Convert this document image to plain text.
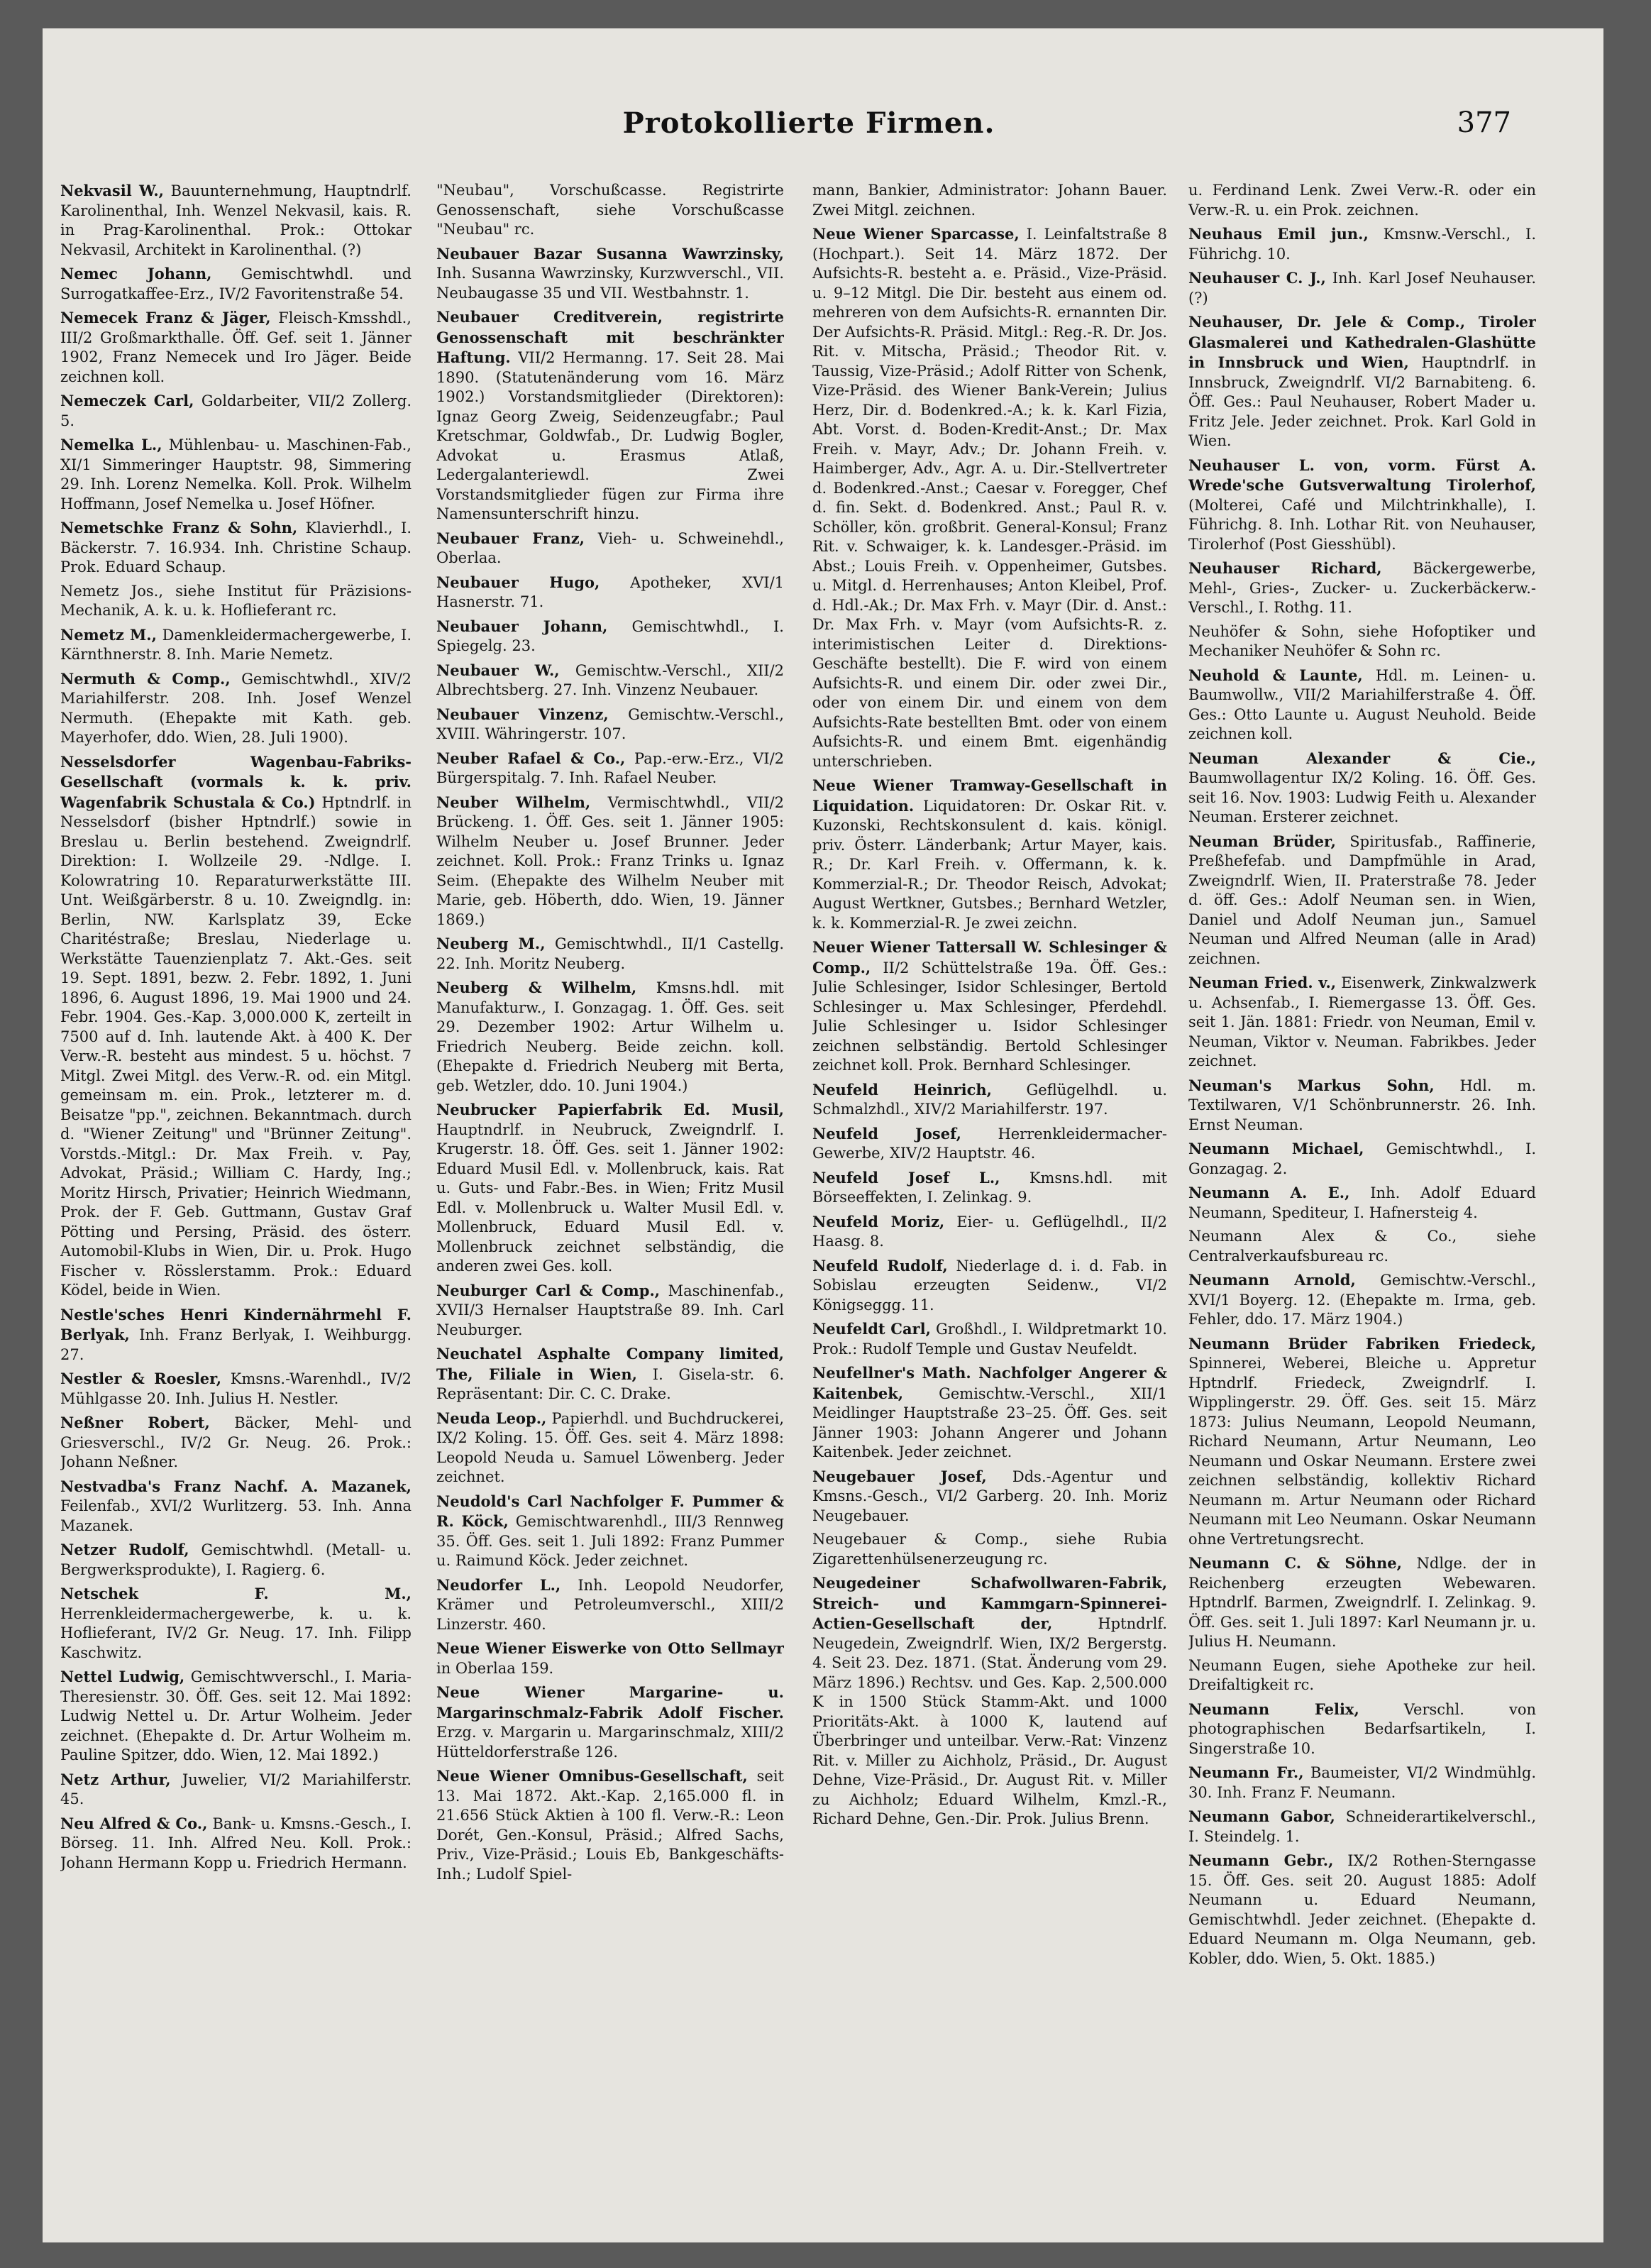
Protokollierte Firmen.	377

Nekvasil W., Bauunternehmung, Hauptndrlf. Karolinenthal, Inh. Wenzel Nekvasil, kais. R. in Prag-Karolinenthal. Prok.: Ottokar Nekvasil, Architekt in Karolinenthal. (?)

Nemec Johann, Gemischtwhdl. und Surrogatkaffee-Erz., IV/2 Favoritenstraße 54.

Nemecek Franz & Jäger, Fleisch-Kmsshdl., III/2 Großmarkthalle. Öff. Gef. seit 1. Jänner 1902, Franz Nemecek und Iro Jäger. Beide zeichnen koll.

Nemeczek Carl, Goldarbeiter, VII/2 Zollerg. 5.

Nemelka L., Mühlenbau- u. Maschinen-Fab., XI/1 Simmeringer Hauptstr. 98, Simmering 29. Inh. Lorenz Nemelka. Koll. Prok. Wilhelm Hoffmann, Josef Nemelka u. Josef Höfner.

Nemetschke Franz & Sohn, Klavierhdl., I. Bäckerstr. 7. 16.934. Inh. Christine Schaup. Prok. Eduard Schaup.

Nemetz Jos., siehe Institut für Präzisions-Mechanik, A. k. u. k. Hoflieferant rc.

Nemetz M., Damenkleidermachergewerbe, I. Kärnthnerstr. 8. Inh. Marie Nemetz.

Nermuth & Comp., Gemischtwhdl., XIV/2 Mariahilferstr. 208. Inh. Josef Wenzel Nermuth. (Ehepakte mit Kath. geb. Mayerhofer, ddo. Wien, 28. Juli 1900).

Nesselsdorfer Wagenbau-Fabriks-Gesellschaft (vormals k. k. priv. Wagenfabrik Schustala & Co.) Hptndrlf. in Nesselsdorf (bisher Hptndrlf.) sowie in Breslau u. Berlin bestehend. Zweigndrlf. Direktion: I. Wollzeile 29. -Ndlge. I. Kolowratring 10. Reparaturwerkstätte III. Unt. Weißgärberstr. 8 u. 10. Zweigndlg. in: Berlin, NW. Karlsplatz 39, Ecke Charitéstraße; Breslau, Niederlage u. Werkstätte Tauenzienplatz 7. Akt.-Ges. seit 19. Sept. 1891, bezw. 2. Febr. 1892, 1. Juni 1896, 6. August 1896, 19. Mai 1900 und 24. Febr. 1904. Ges.-Kap. 3,000.000 K, zerteilt in 7500 auf d. Inh. lautende Akt. à 400 K. Der Verw.-R. besteht aus mindest. 5 u. höchst. 7 Mitgl. Zwei Mitgl. des Verw.-R. od. ein Mitgl. gemeinsam m. ein. Prok., letzterer m. d. Beisatze "pp.", zeichnen. Bekanntmach. durch d. "Wiener Zeitung" und "Brünner Zeitung". Vorstds.-Mitgl.: Dr. Max Freih. v. Pay, Advokat, Präsid.; William C. Hardy, Ing.; Moritz Hirsch, Privatier; Heinrich Wiedmann, Prok. der F. Geb. Guttmann, Gustav Graf Pötting und Persing, Präsid. des österr. Automobil-Klubs in Wien, Dir. u. Prok. Hugo Fischer v. Rösslerstamm. Prok.: Eduard Ködel, beide in Wien.

Nestle'sches Henri Kindernährmehl F. Berlyak, Inh. Franz Berlyak, I. Weihburgg. 27.

Nestler & Roesler, Kmsns.-Warenhdl., IV/2 Mühlgasse 20. Inh. Julius H. Nestler.

Neßner Robert, Bäcker, Mehl- und Griesverschl., IV/2 Gr. Neug. 26. Prok.: Johann Neßner.

Nestvadba's Franz Nachf. A. Mazanek, Feilenfab., XVI/2 Wurlitzerg. 53. Inh. Anna Mazanek.

Netzer Rudolf, Gemischtwhdl. (Metall- u. Bergwerksprodukte), I. Ragierg. 6.

Netschek F. M., Herrenkleidermachergewerbe, k. u. k. Hoflieferant, IV/2 Gr. Neug. 17. Inh. Filipp Kaschwitz.

Nettel Ludwig, Gemischtwverschl., I. Maria-Theresienstr. 30. Öff. Ges. seit 12. Mai 1892: Ludwig Nettel u. Dr. Artur Wolheim. Jeder zeichnet. (Ehepakte d. Dr. Artur Wolheim m. Pauline Spitzer, ddo. Wien, 12. Mai 1892.)

Netz Arthur, Juwelier, VI/2 Mariahilferstr. 45.

Neu Alfred & Co., Bank- u. Kmsns.-Gesch., I. Börseg. 11. Inh. Alfred Neu. Koll. Prok.: Johann Hermann Kopp u. Friedrich Hermann.

"Neubau", Vorschußcasse. Registrirte Genossenschaft, siehe Vorschußcasse "Neubau" rc.

Neubauer Bazar Susanna Wawrzinsky, Inh. Susanna Wawrzinsky, Kurzwverschl., VII. Neubaugasse 35 und VII. Westbahnstr. 1.

Neubauer Creditverein, registrirte Genossenschaft mit beschränkter Haftung. VII/2 Hermanng. 17. Seit 28. Mai 1890. (Statutenänderung vom 16. März 1902.) Vorstandsmitglieder (Direktoren): Ignaz Georg Zweig, Seidenzeugfabr.; Paul Kretschmar, Goldwfab., Dr. Ludwig Bogler, Advokat u. Erasmus Atlaß, Ledergalanteriewdl. Zwei Vorstandsmitglieder fügen zur Firma ihre Namensunterschrift hinzu.

Neubauer Franz, Vieh- u. Schweinehdl., Oberlaa.

Neubauer Hugo, Apotheker, XVI/1 Hasnerstr. 71.

Neubauer Johann, Gemischtwhdl., I. Spiegelg. 23.

Neubauer W., Gemischtw.-Verschl., XII/2 Albrechtsberg. 27. Inh. Vinzenz Neubauer.

Neubauer Vinzenz, Gemischtw.-Verschl., XVIII. Währingerstr. 107.

Neuber Rafael & Co., Pap.-erw.-Erz., VI/2 Bürgerspitalg. 7. Inh. Rafael Neuber.

Neuber Wilhelm, Vermischtwhdl., VII/2 Brückeng. 1. Öff. Ges. seit 1. Jänner 1905: Wilhelm Neuber u. Josef Brunner. Jeder zeichnet. Koll. Prok.: Franz Trinks u. Ignaz Seim. (Ehepakte des Wilhelm Neuber mit Marie, geb. Höberth, ddo. Wien, 19. Jänner 1869.)

Neuberg M., Gemischtwhdl., II/1 Castellg. 22. Inh. Moritz Neuberg.

Neuberg & Wilhelm, Kmsns.hdl. mit Manufakturw., I. Gonzagag. 1. Öff. Ges. seit 29. Dezember 1902: Artur Wilhelm u. Friedrich Neuberg. Beide zeichn. koll. (Ehepakte d. Friedrich Neuberg mit Berta, geb. Wetzler, ddo. 10. Juni 1904.)

Neubrucker Papierfabrik Ed. Musil, Hauptndrlf. in Neubruck, Zweigndrlf. I. Krugerstr. 18. Öff. Ges. seit 1. Jänner 1902: Eduard Musil Edl. v. Mollenbruck, kais. Rat u. Guts- und Fabr.-Bes. in Wien; Fritz Musil Edl. v. Mollenbruck u. Walter Musil Edl. v. Mollenbruck, Eduard Musil Edl. v. Mollenbruck zeichnet selbständig, die anderen zwei Ges. koll.

Neuburger Carl & Comp., Maschinenfab., XVII/3 Hernalser Hauptstraße 89. Inh. Carl Neuburger.

Neuchatel Asphalte Company limited, The, Filiale in Wien, I. Gisela-str. 6. Repräsentant: Dir. C. C. Drake.

Neuda Leop., Papierhdl. und Buchdruckerei, IX/2 Koling. 15. Öff. Ges. seit 4. März 1898: Leopold Neuda u. Samuel Löwenberg. Jeder zeichnet.

Neudold's Carl Nachfolger F. Pummer & R. Köck, Gemischtwarenhdl., III/3 Rennweg 35. Öff. Ges. seit 1. Juli 1892: Franz Pummer u. Raimund Köck. Jeder zeichnet.

Neudorfer L., Inh. Leopold Neudorfer, Krämer und Petroleumverschl., XIII/2 Linzerstr. 460.

Neue Wiener Eiswerke von Otto Sellmayr in Oberlaa 159.

Neue Wiener Margarine- u. Margarinschmalz-Fabrik Adolf Fischer. Erzg. v. Margarin u. Margarinschmalz, XIII/2 Hütteldorferstraße 126.

Neue Wiener Omnibus-Gesellschaft, seit 13. Mai 1872. Akt.-Kap. 2,165.000 fl. in 21.656 Stück Aktien à 100 fl. Verw.-R.: Leon Dorét, Gen.-Konsul, Präsid.; Alfred Sachs, Priv., Vize-Präsid.; Louis Eb, Bankgeschäfts-Inh.; Ludolf Spiel-

mann, Bankier, Administrator: Johann Bauer. Zwei Mitgl. zeichnen.

Neue Wiener Sparcasse, I. Leinfaltstraße 8 (Hochpart.). Seit 14. März 1872. Der Aufsichts-R. besteht a. e. Präsid., Vize-Präsid. u. 9–12 Mitgl. Die Dir. besteht aus einem od. mehreren von dem Aufsichts-R. ernannten Dir. Der Aufsichts-R. Präsid. Mitgl.: Reg.-R. Dr. Jos. Rit. v. Mitscha, Präsid.; Theodor Rit. v. Taussig, Vize-Präsid.; Adolf Ritter von Schenk, Vize-Präsid. des Wiener Bank-Verein; Julius Herz, Dir. d. Bodenkred.-A.; k. k. Karl Fizia, Abt. Vorst. d. Boden-Kredit-Anst.; Dr. Max Freih. v. Mayr, Adv.; Dr. Johann Freih. v. Haimberger, Adv., Agr. A. u. Dir.-Stellvertreter d. Bodenkred.-Anst.; Caesar v. Foregger, Chef d. fin. Sekt. d. Bodenkred. Anst.; Paul R. v. Schöller, kön. großbrit. General-Konsul; Franz Rit. v. Schwaiger, k. k. Landesger.-Präsid. im Abst.; Louis Freih. v. Oppenheimer, Gutsbes. u. Mitgl. d. Herrenhauses; Anton Kleibel, Prof. d. Hdl.-Ak.; Dr. Max Frh. v. Mayr (Dir. d. Anst.: Dr. Max Frh. v. Mayr (vom Aufsichts-R. z. interimistischen Leiter d. Direktions-Geschäfte bestellt). Die F. wird von einem Aufsichts-R. und einem Dir. oder zwei Dir., oder von einem Dir. und einem von dem Aufsichts-Rate bestellten Bmt. oder von einem Aufsichts-R. und einem Bmt. eigenhändig unterschrieben.

Neue Wiener Tramway-Gesellschaft in Liquidation. Liquidatoren: Dr. Oskar Rit. v. Kuzonski, Rechtskonsulent d. kais. königl. priv. Österr. Länderbank; Artur Mayer, kais. R.; Dr. Karl Freih. v. Offermann, k. k. Kommerzial-R.; Dr. Theodor Reisch, Advokat; August Wertkner, Gutsbes.; Bernhard Wetzler, k. k. Kommerzial-R. Je zwei zeichn.

Neuer Wiener Tattersall W. Schlesinger & Comp., II/2 Schüttelstraße 19a. Öff. Ges.: Julie Schlesinger, Isidor Schlesinger, Bertold Schlesinger u. Max Schlesinger, Pferdehdl. Julie Schlesinger u. Isidor Schlesinger zeichnen selbständig. Bertold Schlesinger zeichnet koll. Prok. Bernhard Schlesinger.

Neufeld Heinrich, Geflügelhdl. u. Schmalzhdl., XIV/2 Mariahilferstr. 197.

Neufeld Josef, Herrenkleidermacher-Gewerbe, XIV/2 Hauptstr. 46.

Neufeld Josef L., Kmsns.hdl. mit Börseeffekten, I. Zelinkag. 9.

Neufeld Moriz, Eier- u. Geflügelhdl., II/2 Haasg. 8.

Neufeld Rudolf, Niederlage d. i. d. Fab. in Sobislau erzeugten Seidenw., VI/2 Königseggg. 11.

Neufeldt Carl, Großhdl., I. Wildpretmarkt 10. Prok.: Rudolf Temple und Gustav Neufeldt.

Neufellner's Math. Nachfolger Angerer & Kaitenbek, Gemischtw.-Verschl., XII/1 Meidlinger Hauptstraße 23–25. Öff. Ges. seit Jänner 1903: Johann Angerer und Johann Kaitenbek. Jeder zeichnet.

Neugebauer Josef, Dds.-Agentur und Kmsns.-Gesch., VI/2 Garberg. 20. Inh. Moriz Neugebauer.

Neugebauer & Comp., siehe Rubia Zigarettenhülsenerzeugung rc.

Neugedeiner Schafwollwaren-Fabrik, Streich- und Kammgarn-Spinnerei-Actien-Gesellschaft der, Hptndrlf. Neugedein, Zweigndrlf. Wien, IX/2 Bergerstg. 4. Seit 23. Dez. 1871. (Stat. Änderung vom 29. März 1896.) Rechtsv. und Ges. Kap. 2,500.000 K in 1500 Stück Stamm-Akt. und 1000 Prioritäts-Akt. à 1000 K, lautend auf Überbringer und unteilbar. Verw.-Rat: Vinzenz Rit. v. Miller zu Aichholz, Präsid., Dr. August Dehne, Vize-Präsid., Dr. August Rit. v. Miller zu Aichholz; Eduard Wilhelm, Kmzl.-R., Richard Dehne, Gen.-Dir. Prok. Julius Brenn.

u. Ferdinand Lenk. Zwei Verw.-R. oder ein Verw.-R. u. ein Prok. zeichnen.

Neuhaus Emil jun., Kmsnw.-Verschl., I. Führichg. 10.

Neuhauser C. J., Inh. Karl Josef Neuhauser. (?)

Neuhauser, Dr. Jele & Comp., Tiroler Glasmalerei und Kathedralen-Glashütte in Innsbruck und Wien, Hauptndrlf. in Innsbruck, Zweigndrlf. VI/2 Barnabiteng. 6. Öff. Ges.: Paul Neuhauser, Robert Mader u. Fritz Jele. Jeder zeichnet. Prok. Karl Gold in Wien.

Neuhauser L. von, vorm. Fürst A. Wrede'sche Gutsverwaltung Tirolerhof, (Molterei, Café und Milchtrinkhalle), I. Führichg. 8. Inh. Lothar Rit. von Neuhauser, Tirolerhof (Post Giesshübl).

Neuhauser Richard, Bäckergewerbe, Mehl-, Gries-, Zucker- u. Zuckerbäckerw.-Verschl., I. Rothg. 11.

Neuhöfer & Sohn, siehe Hofoptiker und Mechaniker Neuhöfer & Sohn rc.

Neuhold & Launte, Hdl. m. Leinen- u. Baumwollw., VII/2 Mariahilferstraße 4. Öff. Ges.: Otto Launte u. August Neuhold. Beide zeichnen koll.

Neuman Alexander & Cie., Baumwollagentur IX/2 Koling. 16. Öff. Ges. seit 16. Nov. 1903: Ludwig Feith u. Alexander Neuman. Ersterer zeichnet.

Neuman Brüder, Spiritusfab., Raffinerie, Preßhefefab. und Dampfmühle in Arad, Zweigndrlf. Wien, II. Praterstraße 78. Jeder d. öff. Ges.: Adolf Neuman sen. in Wien, Daniel und Adolf Neuman jun., Samuel Neuman und Alfred Neuman (alle in Arad) zeichnen.

Neuman Fried. v., Eisenwerk, Zinkwalzwerk u. Achsenfab., I. Riemergasse 13. Öff. Ges. seit 1. Jän. 1881: Friedr. von Neuman, Emil v. Neuman, Viktor v. Neuman. Fabrikbes. Jeder zeichnet.

Neuman's Markus Sohn, Hdl. m. Textilwaren, V/1 Schönbrunnerstr. 26. Inh. Ernst Neuman.

Neumann Michael, Gemischtwhdl., I. Gonzagag. 2.

Neumann A. E., Inh. Adolf Eduard Neumann, Spediteur, I. Hafnersteig 4.

Neumann Alex & Co., siehe Centralverkaufsbureau rc.

Neumann Arnold, Gemischtw.-Verschl., XVI/1 Boyerg. 12. (Ehepakte m. Irma, geb. Fehler, ddo. 17. März 1904.)

Neumann Brüder Fabriken Friedeck, Spinnerei, Weberei, Bleiche u. Appretur Hptndrlf. Friedeck, Zweigndrlf. I. Wipplingerstr. 29. Öff. Ges. seit 15. März 1873: Julius Neumann, Leopold Neumann, Richard Neumann, Artur Neumann, Leo Neumann und Oskar Neumann. Erstere zwei zeichnen selbständig, kollektiv Richard Neumann m. Artur Neumann oder Richard Neumann mit Leo Neumann. Oskar Neumann ohne Vertretungsrecht.

Neumann C. & Söhne, Ndlge. der in Reichenberg erzeugten Webewaren. Hptndrlf. Barmen, Zweigndrlf. I. Zelinkag. 9. Öff. Ges. seit 1. Juli 1897: Karl Neumann jr. u. Julius H. Neumann.

Neumann Eugen, siehe Apotheke zur heil. Dreifaltigkeit rc.

Neumann Felix, Verschl. von photographischen Bedarfsartikeln, I. Singerstraße 10.

Neumann Fr., Baumeister, VI/2 Windmühlg. 30. Inh. Franz F. Neumann.

Neumann Gabor, Schneiderartikelverschl., I. Steindelg. 1.

Neumann Gebr., IX/2 Rothen-Sterngasse 15. Öff. Ges. seit 20. August 1885: Adolf Neumann u. Eduard Neumann, Gemischtwhdl. Jeder zeichnet. (Ehepakte d. Eduard Neumann m. Olga Neumann, geb. Kobler, ddo. Wien, 5. Okt. 1885.)
